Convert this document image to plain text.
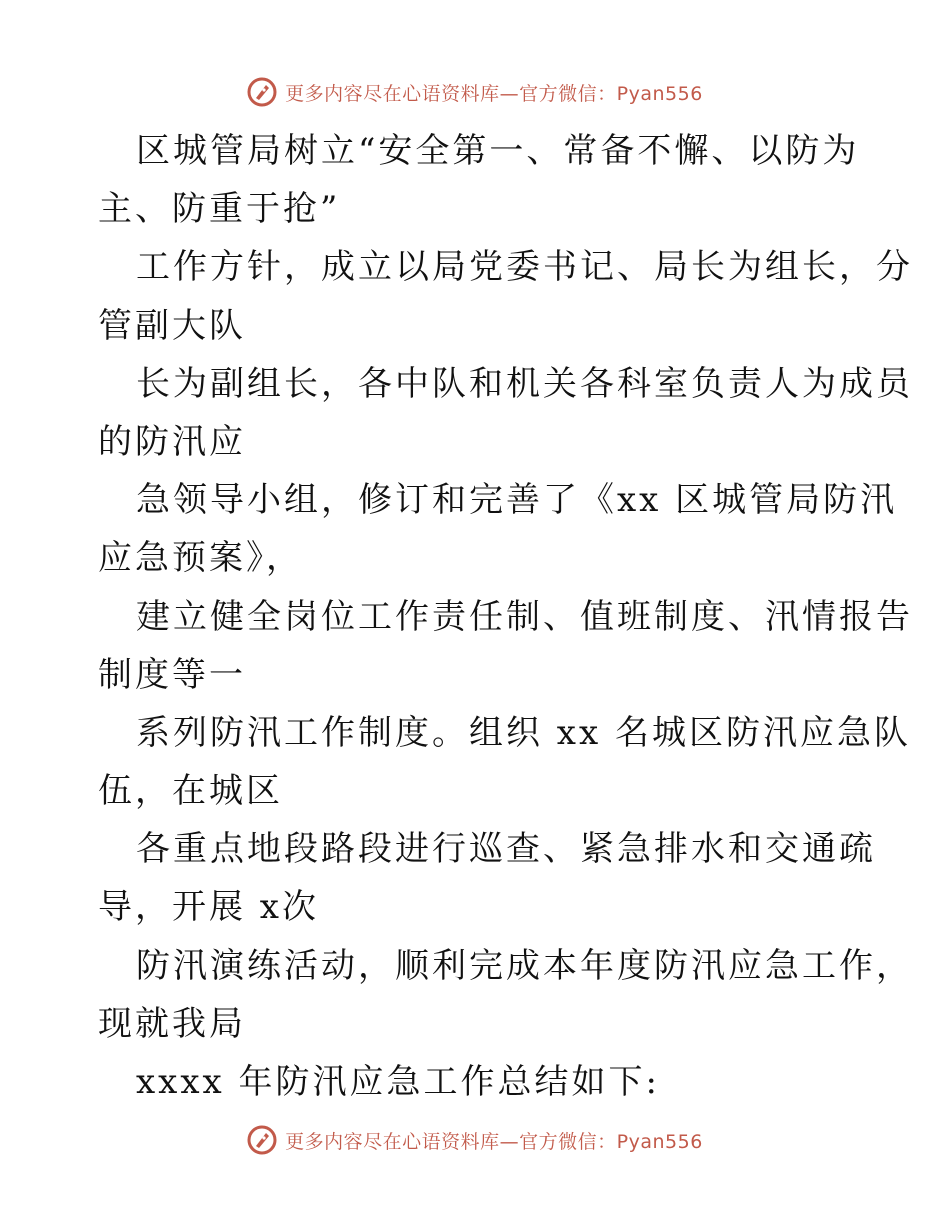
更多内容尽在心语资料库—官方微信：Pyan556
区城管局树立“安全第一、常备不懈、以防为
主、防重于抢”
工作方针，成立以局党委书记、局长为组长，分
管副大队
长为副组长，各中队和机关各科室负责人为成员
的防汛应
急领导小组，修订和完善了《xx 区城管局防汛
应急预案》，
建立健全岗位工作责任制、值班制度、汛情报告
制度等一
系列防汛工作制度。组织 xx 名城区防汛应急队
伍，在城区
各重点地段路段进行巡查、紧急排水和交通疏
导，开展 x次
防汛演练活动，顺利完成本年度防汛应急工作，
现就我局
xxxx 年防汛应急工作总结如下:
更多内容尽在心语资料库—官方微信：Pyan556
